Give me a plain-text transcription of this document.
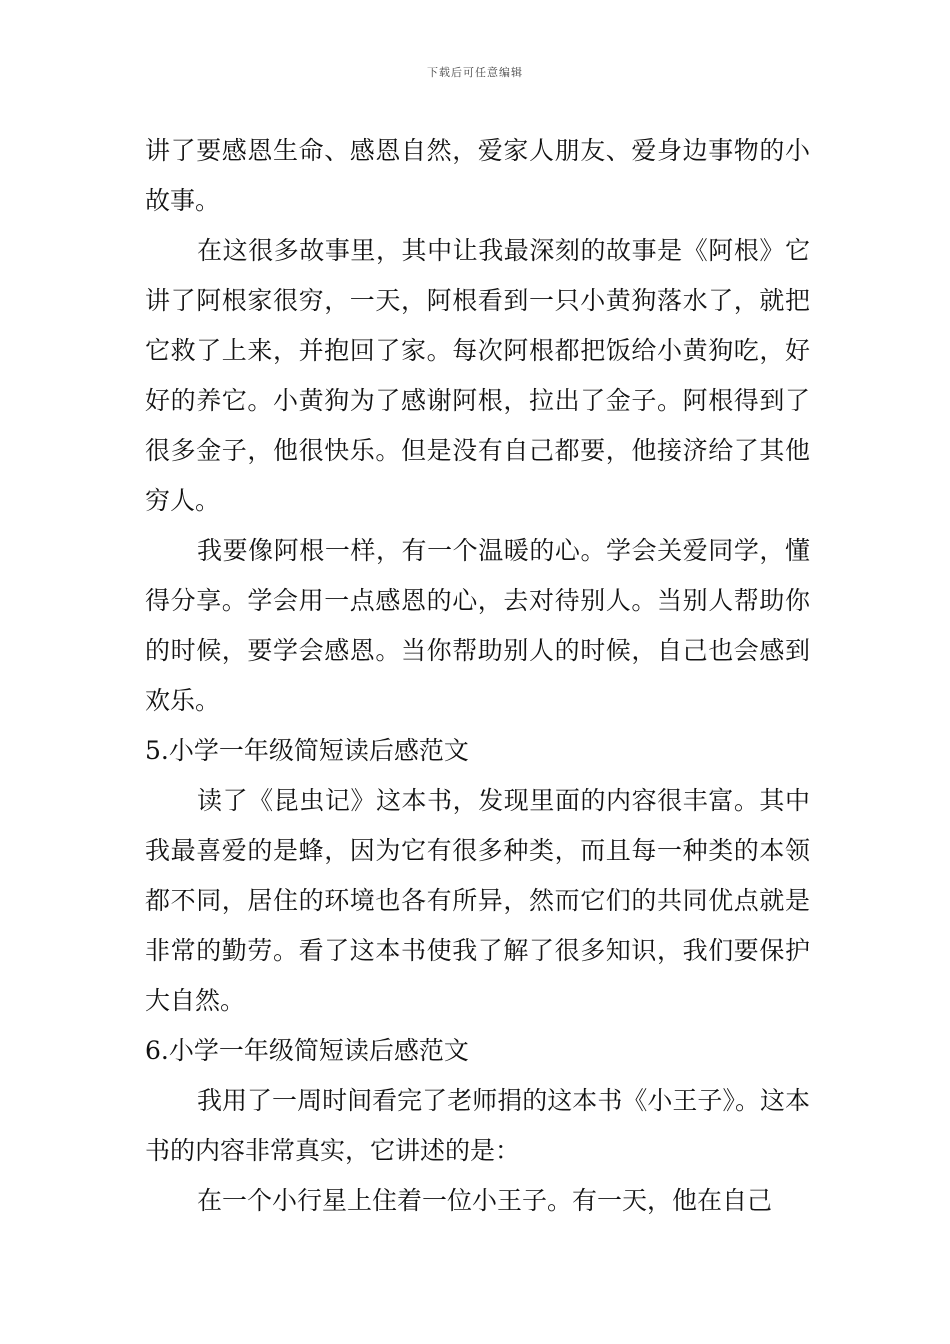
下载后可任意编辑

讲了要感恩生命、感恩自然，爱家人朋友、爱身边事物的小故事。

在这很多故事里，其中让我最深刻的故事是《阿根》它讲了阿根家很穷，一天，阿根看到一只小黄狗落水了，就把它救了上来，并抱回了家。每次阿根都把饭给小黄狗吃，好好的养它。小黄狗为了感谢阿根，拉出了金子。阿根得到了很多金子，他很快乐。但是没有自己都要，他接济给了其他穷人。

我要像阿根一样，有一个温暖的心。学会关爱同学，懂得分享。学会用一点感恩的心，去对待别人。当别人帮助你的时候，要学会感恩。当你帮助别人的时候，自己也会感到欢乐。

5.小学一年级简短读后感范文

读了《昆虫记》这本书，发现里面的内容很丰富。其中我最喜爱的是蜂，因为它有很多种类，而且每一种类的本领都不同，居住的环境也各有所异，然而它们的共同优点就是非常的勤劳。看了这本书使我了解了很多知识，我们要保护大自然。

6.小学一年级简短读后感范文

我用了一周时间看完了老师捐的这本书《小王子》。这本书的内容非常真实，它讲述的是：

在一个小行星上住着一位小王子。有一天，他在自己
